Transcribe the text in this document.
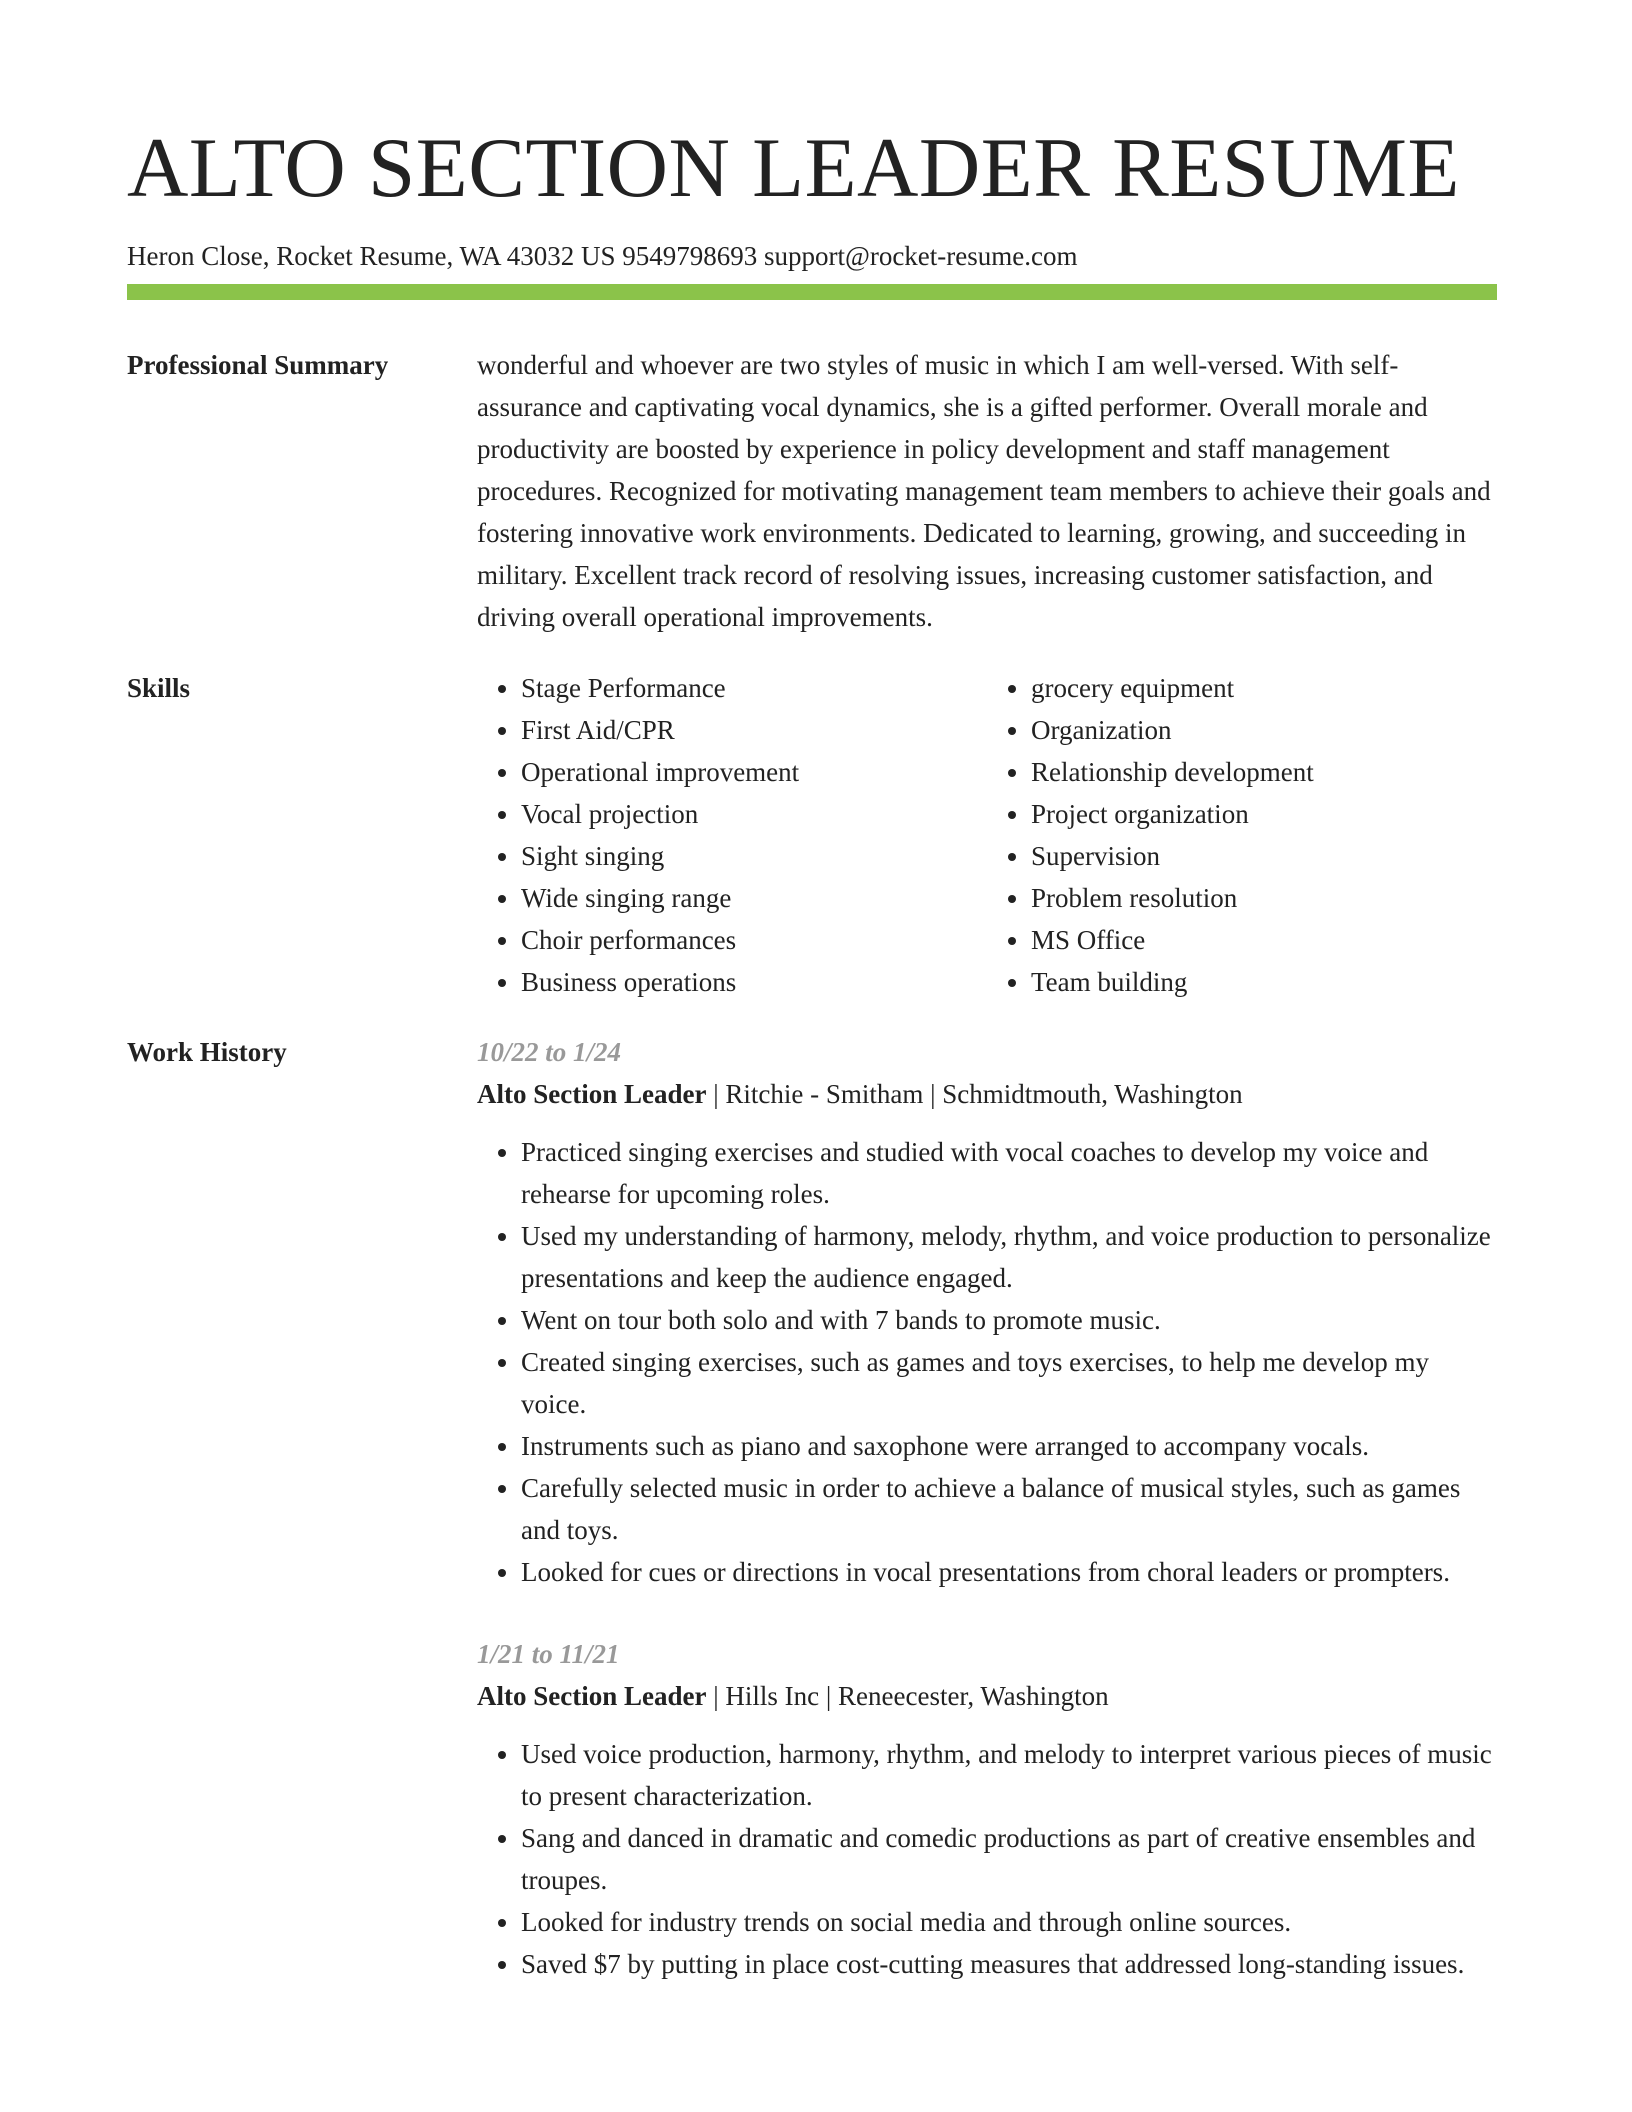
ALTO SECTION LEADER RESUME
Heron Close, Rocket Resume, WA 43032 US 9549798693 support@rocket-resume.com
Professional Summary	wonderful and whoever are two styles of music in which I am well-versed. With self-assurance and captivating vocal dynamics, she is a gifted performer. Overall morale and productivity are boosted by experience in policy development and staff management procedures. Recognized for motivating management team members to achieve their goals and fostering innovative work environments. Dedicated to learning, growing, and succeeding in military. Excellent track record of resolving issues, increasing customer satisfaction, and driving overall operational improvements.

Skills
•	Stage Performance
• First Aid/CPR
• Operational improvement
• Vocal projection
• Sight singing
• Wide singing range
• Choir performances
• Business operations
• grocery equipment
• Organization
• Relationship development
• Project organization
• Supervision
• Problem resolution
• MS Office
• Team building
Work History	10/22 to 1/24
Alto Section Leader | Ritchie - Smitham | Schmidtmouth, Washington
• Practiced singing exercises and studied with vocal coaches to develop my voice and rehearse for upcoming roles.
• Used my understanding of harmony, melody, rhythm, and voice production to personalize presentations and keep the audience engaged.
• Went on tour both solo and with 7 bands to promote music.
• Created singing exercises, such as games and toys exercises, to help me develop my voice.
• Instruments such as piano and saxophone were arranged to accompany vocals.
• Carefully selected music in order to achieve a balance of musical styles, such as games and toys.
• Looked for cues or directions in vocal presentations from choral leaders or prompters.
1/21 to 11/21
Alto Section Leader | Hills Inc | Reneecester, Washington
• Used voice production, harmony, rhythm, and melody to interpret various pieces of music to present characterization.
• Sang and danced in dramatic and comedic productions as part of creative ensembles and troupes.
• Looked for industry trends on social media and through online sources.
• Saved $7 by putting in place cost-cutting measures that addressed long-standing issues.
